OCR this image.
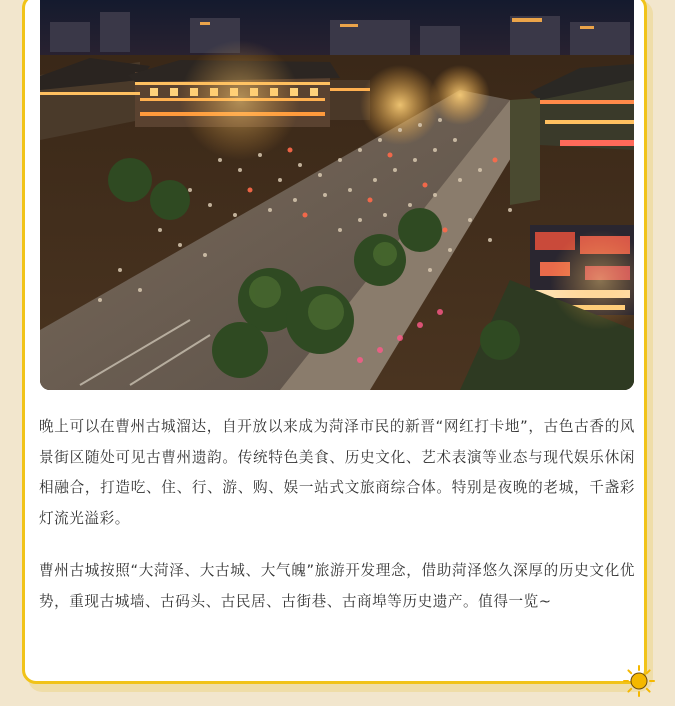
晚上可以在曹州古城溜达，自开放以来成为菏泽市民的新晋“网红打卡地”，古色古香的风景街区随处可见古曹州遗韵。传统特色美食、历史文化、艺术表演等业态与现代娱乐休闲相融合，打造吃、住、行、游、购、娱一站式文旅商综合体。特别是夜晚的老城，千盏彩灯流光溢彩。

曹州古城按照“大菏泽、大古城、大气魄”旅游开发理念，借助菏泽悠久深厚的历史文化优势，重现古城墙、古码头、古民居、古街巷、古商埠等历史遗产。值得一览~
